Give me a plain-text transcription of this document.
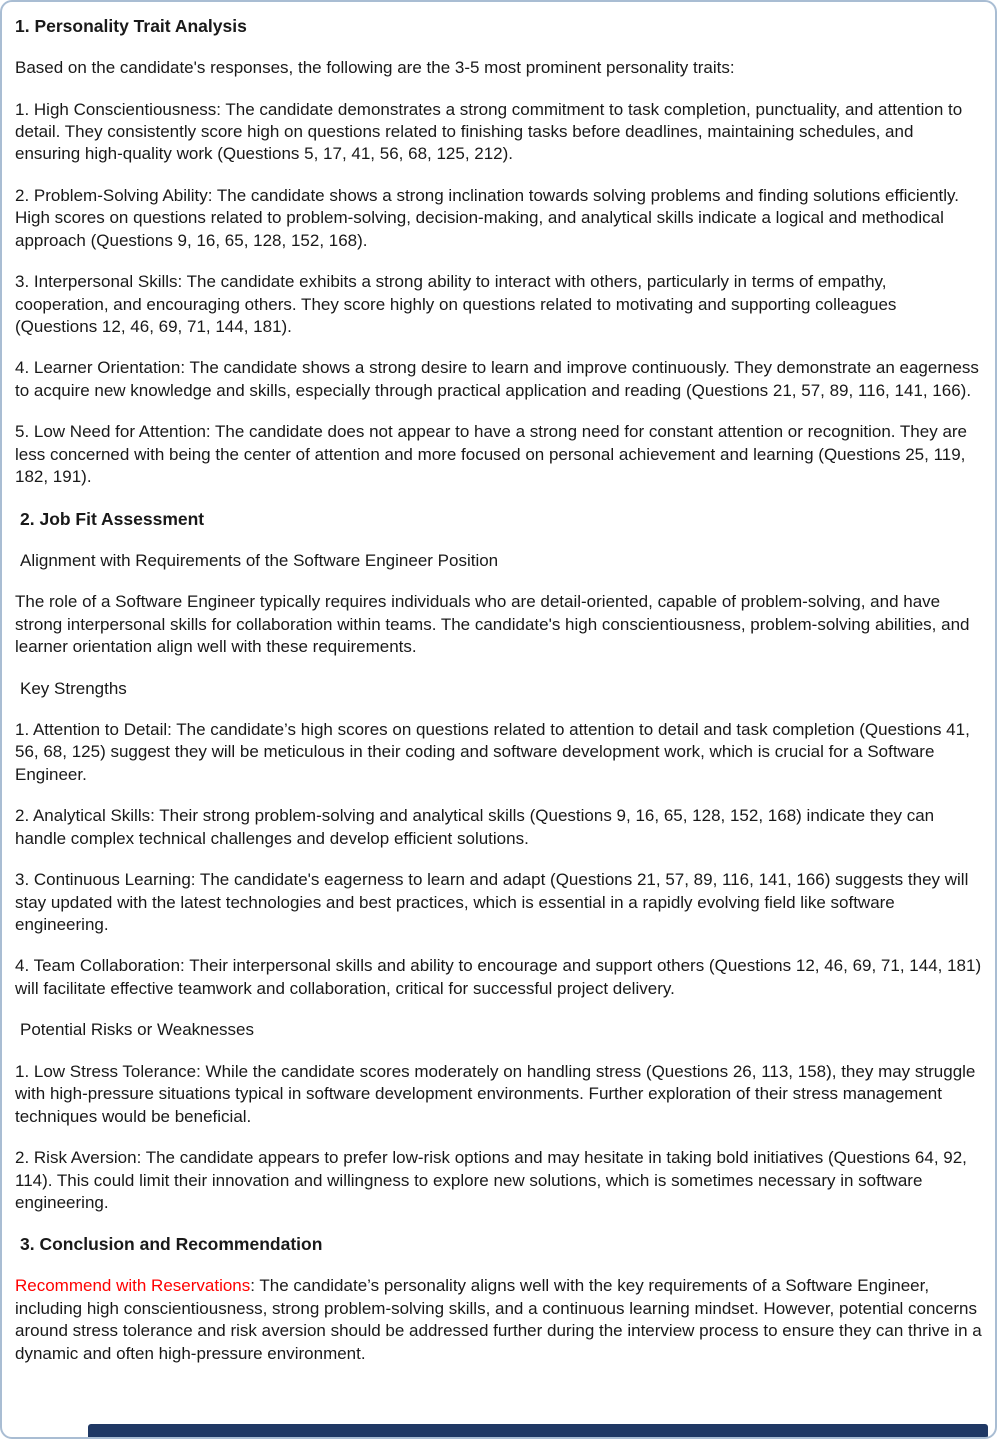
1. Personality Trait Analysis

Based on the candidate's responses, the following are the 3-5 most prominent personality traits:

1. High Conscientiousness: The candidate demonstrates a strong commitment to task completion, punctuality, and attention to detail. They consistently score high on questions related to finishing tasks before deadlines, maintaining schedules, and ensuring high-quality work (Questions 5, 17, 41, 56, 68, 125, 212).

2. Problem-Solving Ability: The candidate shows a strong inclination towards solving problems and finding solutions efficiently. High scores on questions related to problem-solving, decision-making, and analytical skills indicate a logical and methodical approach (Questions 9, 16, 65, 128, 152, 168).

3. Interpersonal Skills: The candidate exhibits a strong ability to interact with others, particularly in terms of empathy, cooperation, and encouraging others. They score highly on questions related to motivating and supporting colleagues (Questions 12, 46, 69, 71, 144, 181).

4. Learner Orientation: The candidate shows a strong desire to learn and improve continuously. They demonstrate an eagerness to acquire new knowledge and skills, especially through practical application and reading (Questions 21, 57, 89, 116, 141, 166).

5. Low Need for Attention: The candidate does not appear to have a strong need for constant attention or recognition. They are less concerned with being the center of attention and more focused on personal achievement and learning (Questions 25, 119, 182, 191).

2. Job Fit Assessment

Alignment with Requirements of the Software Engineer Position

The role of a Software Engineer typically requires individuals who are detail-oriented, capable of problem-solving, and have strong interpersonal skills for collaboration within teams. The candidate's high conscientiousness, problem-solving abilities, and learner orientation align well with these requirements.

Key Strengths

1. Attention to Detail: The candidate’s high scores on questions related to attention to detail and task completion (Questions 41, 56, 68, 125) suggest they will be meticulous in their coding and software development work, which is crucial for a Software Engineer.

2. Analytical Skills: Their strong problem-solving and analytical skills (Questions 9, 16, 65, 128, 152, 168) indicate they can handle complex technical challenges and develop efficient solutions.

3. Continuous Learning: The candidate's eagerness to learn and adapt (Questions 21, 57, 89, 116, 141, 166) suggests they will stay updated with the latest technologies and best practices, which is essential in a rapidly evolving field like software engineering.

4. Team Collaboration: Their interpersonal skills and ability to encourage and support others (Questions 12, 46, 69, 71, 144, 181) will facilitate effective teamwork and collaboration, critical for successful project delivery.

Potential Risks or Weaknesses

1. Low Stress Tolerance: While the candidate scores moderately on handling stress (Questions 26, 113, 158), they may struggle with high-pressure situations typical in software development environments. Further exploration of their stress management techniques would be beneficial.

2. Risk Aversion: The candidate appears to prefer low-risk options and may hesitate in taking bold initiatives (Questions 64, 92, 114). This could limit their innovation and willingness to explore new solutions, which is sometimes necessary in software engineering.

3. Conclusion and Recommendation

Recommend with Reservations: The candidate’s personality aligns well with the key requirements of a Software Engineer, including high conscientiousness, strong problem-solving skills, and a continuous learning mindset. However, potential concerns around stress tolerance and risk aversion should be addressed further during the interview process to ensure they can thrive in a dynamic and often high-pressure environment.
